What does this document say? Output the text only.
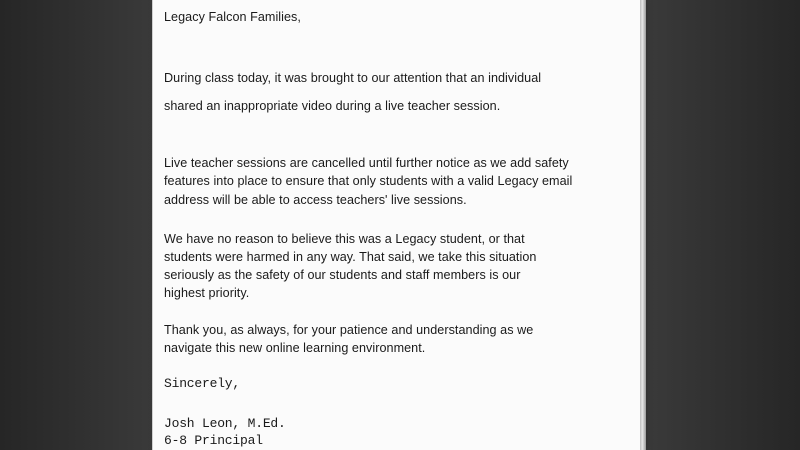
Legacy Falcon Families,
During class today, it was brought to our attention that an individual
shared an inappropriate video during a live teacher session.
Live teacher sessions are cancelled until further notice as we add safety
features into place to ensure that only students with a valid Legacy email
address will be able to access teachers' live sessions.
We have no reason to believe this was a Legacy student, or that
students were harmed in any way. That said, we take this situation
seriously as the safety of our students and staff members is our
highest priority.
Thank you, as always, for your patience and understanding as we
navigate this new online learning environment.
Sincerely,
Josh Leon, M.Ed.
6-8 Principal
